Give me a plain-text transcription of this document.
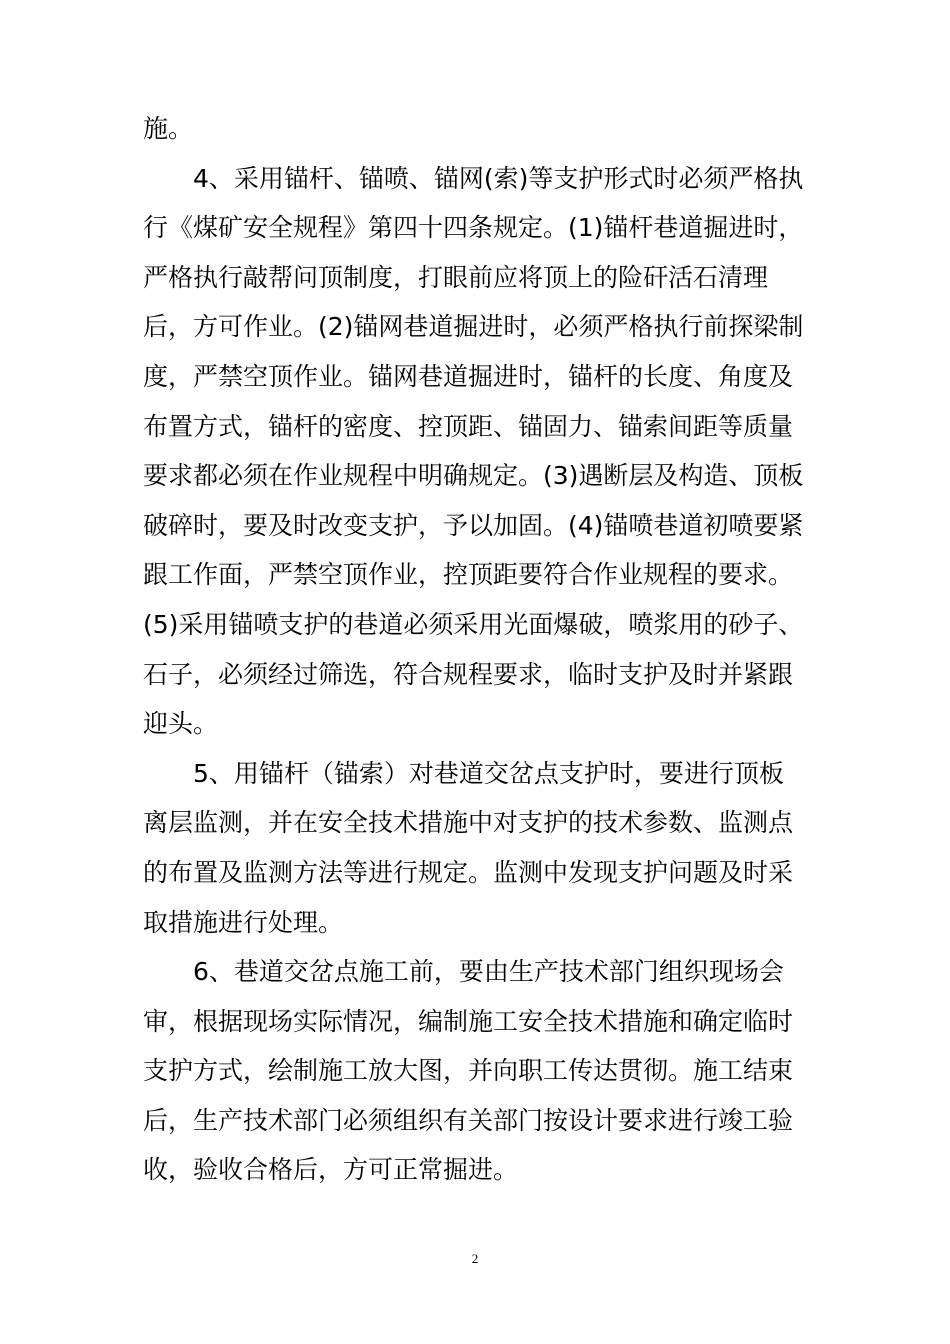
施。
4、采用锚杆、锚喷、锚网(索)等支护形式时必须严格执
行《煤矿安全规程》第四十四条规定。(1)锚杆巷道掘进时，
严格执行敲帮问顶制度，打眼前应将顶上的险矸活石清理
后，方可作业。(2)锚网巷道掘进时，必须严格执行前探梁制
度，严禁空顶作业。锚网巷道掘进时，锚杆的长度、角度及
布置方式，锚杆的密度、控顶距、锚固力、锚索间距等质量
要求都必须在作业规程中明确规定。(3)遇断层及构造、顶板
破碎时，要及时改变支护，予以加固。(4)锚喷巷道初喷要紧
跟工作面，严禁空顶作业，控顶距要符合作业规程的要求。
(5)采用锚喷支护的巷道必须采用光面爆破，喷浆用的砂子、
石子，必须经过筛选，符合规程要求，临时支护及时并紧跟
迎头。
5、用锚杆（锚索）对巷道交岔点支护时，要进行顶板
离层监测，并在安全技术措施中对支护的技术参数、监测点
的布置及监测方法等进行规定。监测中发现支护问题及时采
取措施进行处理。
6、巷道交岔点施工前，要由生产技术部门组织现场会
审，根据现场实际情况，编制施工安全技术措施和确定临时
支护方式，绘制施工放大图，并向职工传达贯彻。施工结束
后，生产技术部门必须组织有关部门按设计要求进行竣工验
收，验收合格后，方可正常掘进。
2
